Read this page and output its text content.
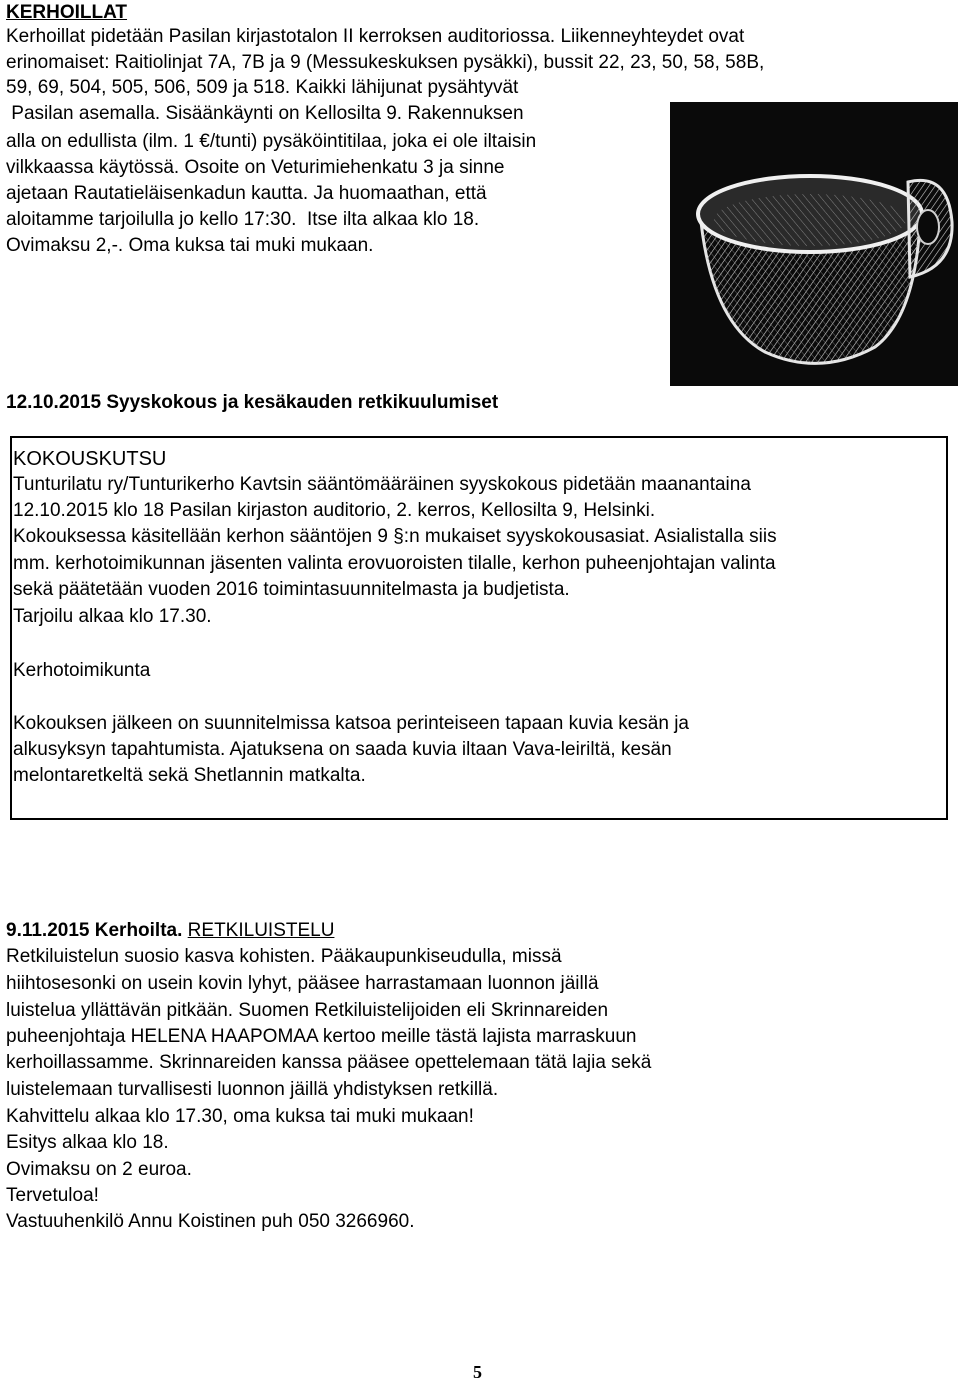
KERHOILLAT
Kerhoillat pidetään Pasilan kirjastotalon II kerroksen auditoriossa. Liikenneyhteydet ovat
erinomaiset: Raitiolinjat 7A, 7B ja 9 (Messukeskuksen pysäkki), bussit 22, 23, 50, 58, 58B,
59, 69, 504, 505, 506, 509 ja 518. Kaikki lähijunat pysähtyvät
Pasilan asemalla. Sisäänkäynti on Kellosilta 9. Rakennuksen
alla on edullista (ilm. 1 €/tunti) pysäköintitilaa, joka ei ole iltaisin
vilkkaassa käytössä. Osoite on Veturimiehenkatu 3 ja sinne
ajetaan Rautatieläisenkadun kautta. Ja huomaathan, että
aloitamme tarjoilulla jo kello 17:30.  Itse ilta alkaa klo 18.
Ovimaksu 2,-. Oma kuksa tai muki mukaan.
12.10.2015 Syyskokous ja kesäkauden retkikuulumiset
KOKOUSKUTSU
Tunturilatu ry/Tunturikerho Kavtsin sääntömääräinen syyskokous pidetään maanantaina
12.10.2015 klo 18 Pasilan kirjaston auditorio, 2. kerros, Kellosilta 9, Helsinki.
Kokouksessa käsitellään kerhon sääntöjen 9 §:n mukaiset syyskokousasiat. Asialistalla siis
mm. kerhotoimikunnan jäsenten valinta erovuoroisten tilalle, kerhon puheenjohtajan valinta
sekä päätetään vuoden 2016 toimintasuunnitelmasta ja budjetista.
Tarjoilu alkaa klo 17.30.
Kerhotoimikunta
Kokouksen jälkeen on suunnitelmissa katsoa perinteiseen tapaan kuvia kesän ja
alkusyksyn tapahtumista. Ajatuksena on saada kuvia iltaan Vava-leiriltä, kesän
melontaretkeltä sekä Shetlannin matkalta.
9.11.2015 Kerhoilta. RETKILUISTELU
Retkiluistelun suosio kasva kohisten. Pääkaupunkiseudulla, missä
hiihtosesonki on usein kovin lyhyt, pääsee harrastamaan luonnon jäillä
luistelua yllättävän pitkään. Suomen Retkiluistelijoiden eli Skrinnareiden
puheenjohtaja HELENA HAAPOMAA kertoo meille tästä lajista marraskuun
kerhoillassamme. Skrinnareiden kanssa pääsee opettelemaan tätä lajia sekä
luistelemaan turvallisesti luonnon jäillä yhdistyksen retkillä.
Kahvittelu alkaa klo 17.30, oma kuksa tai muki mukaan!
Esitys alkaa klo 18.
Ovimaksu on 2 euroa.
Tervetuloa!
Vastuuhenkilö Annu Koistinen puh 050 3266960.
5
